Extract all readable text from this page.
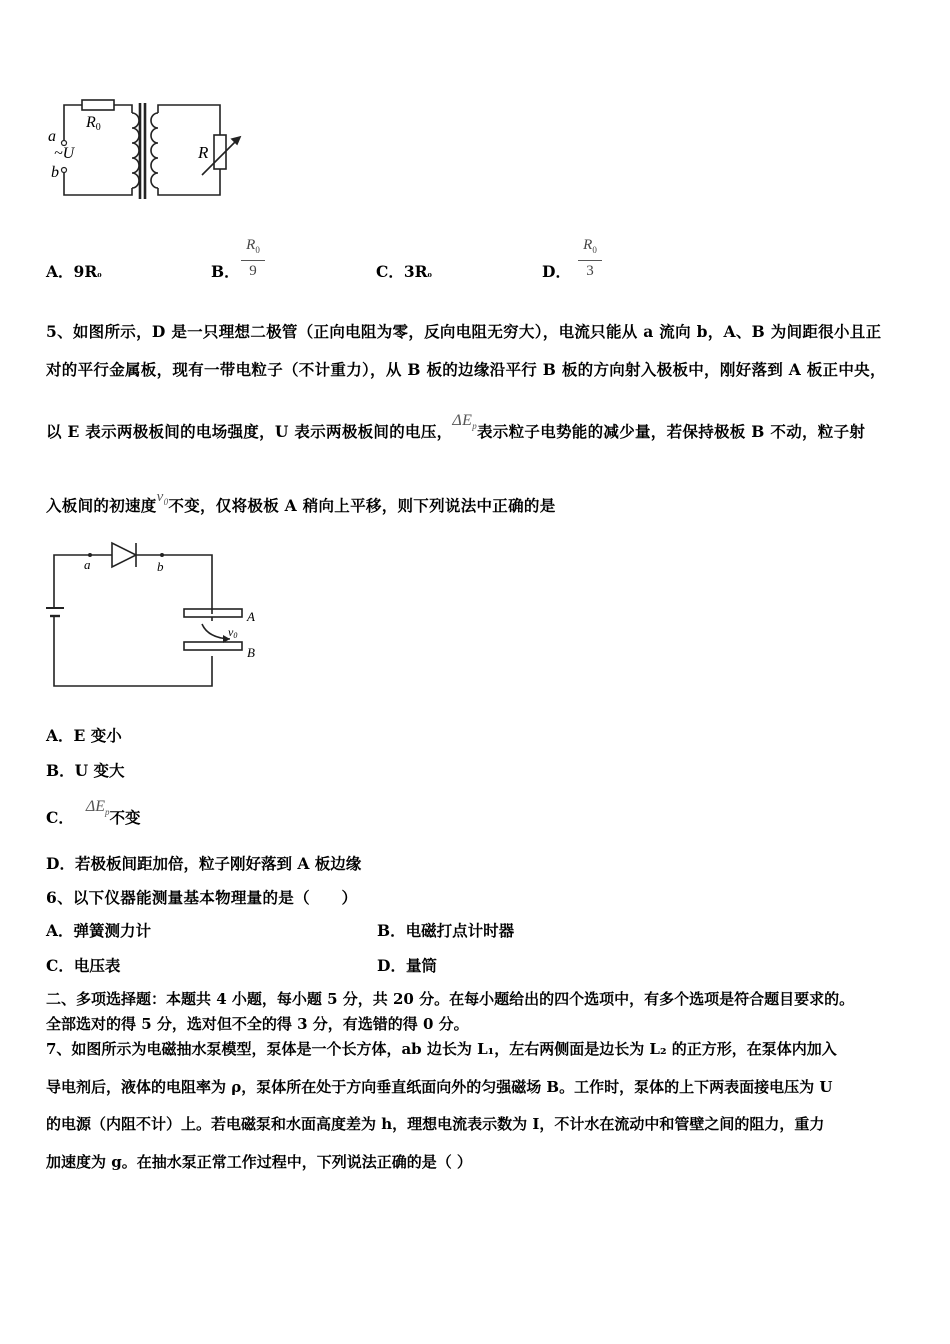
a
b
R0
~U	R
A．9R₀	B．
$R_0$
9	C．3R₀	D．
$R_0$
3
5、如图所示，D 是一只理想二极管（正向电阻为零，反向电阻无穷大），电流只能从 a 流向 b，A、B 为间距很小且正
对的平行金属板，现有一带电粒子（不计重力），从 B 板的边缘沿平行 B 板的方向射入极板中，刚好落到 A 板正中央，
以 E 表示两极板间的电场强度，U 表示两极板间的电压，$\Delta E_p$表示粒子电势能的减少量，若保持极板 B 不动，粒子射
入板间的初速度$v_0$不变，仅将极板 A 稍向上平移，则下列说法中正确的是
a	b
A
B
v0
A．E 变小
B．U 变大
C．$\Delta E_p$不变
D．若极板间距加倍，粒子刚好落到 A 板边缘
6、以下仪器能测量基本物理量的是（　　）
A．弹簧测力计	B．电磁打点计时器
C．电压表	D．量筒
二、多项选择题：本题共 4 小题，每小题 5 分，共 20 分。在每小题给出的四个选项中，有多个选项是符合题目要求的。
全部选对的得 5 分，选对但不全的得 3 分，有选错的得 0 分。
7、如图所示为电磁抽水泵模型，泵体是一个长方体，ab 边长为 L₁，左右两侧面是边长为 L₂ 的正方形，在泵体内加入
导电剂后，液体的电阻率为 ρ，泵体所在处于方向垂直纸面向外的匀强磁场 B。工作时，泵体的上下两表面接电压为 U
的电源（内阻不计）上。若电磁泵和水面高度差为 h，理想电流表示数为 I，不计水在流动中和管壁之间的阻力，重力
加速度为 g。在抽水泵正常工作过程中，下列说法正确的是（ ）
